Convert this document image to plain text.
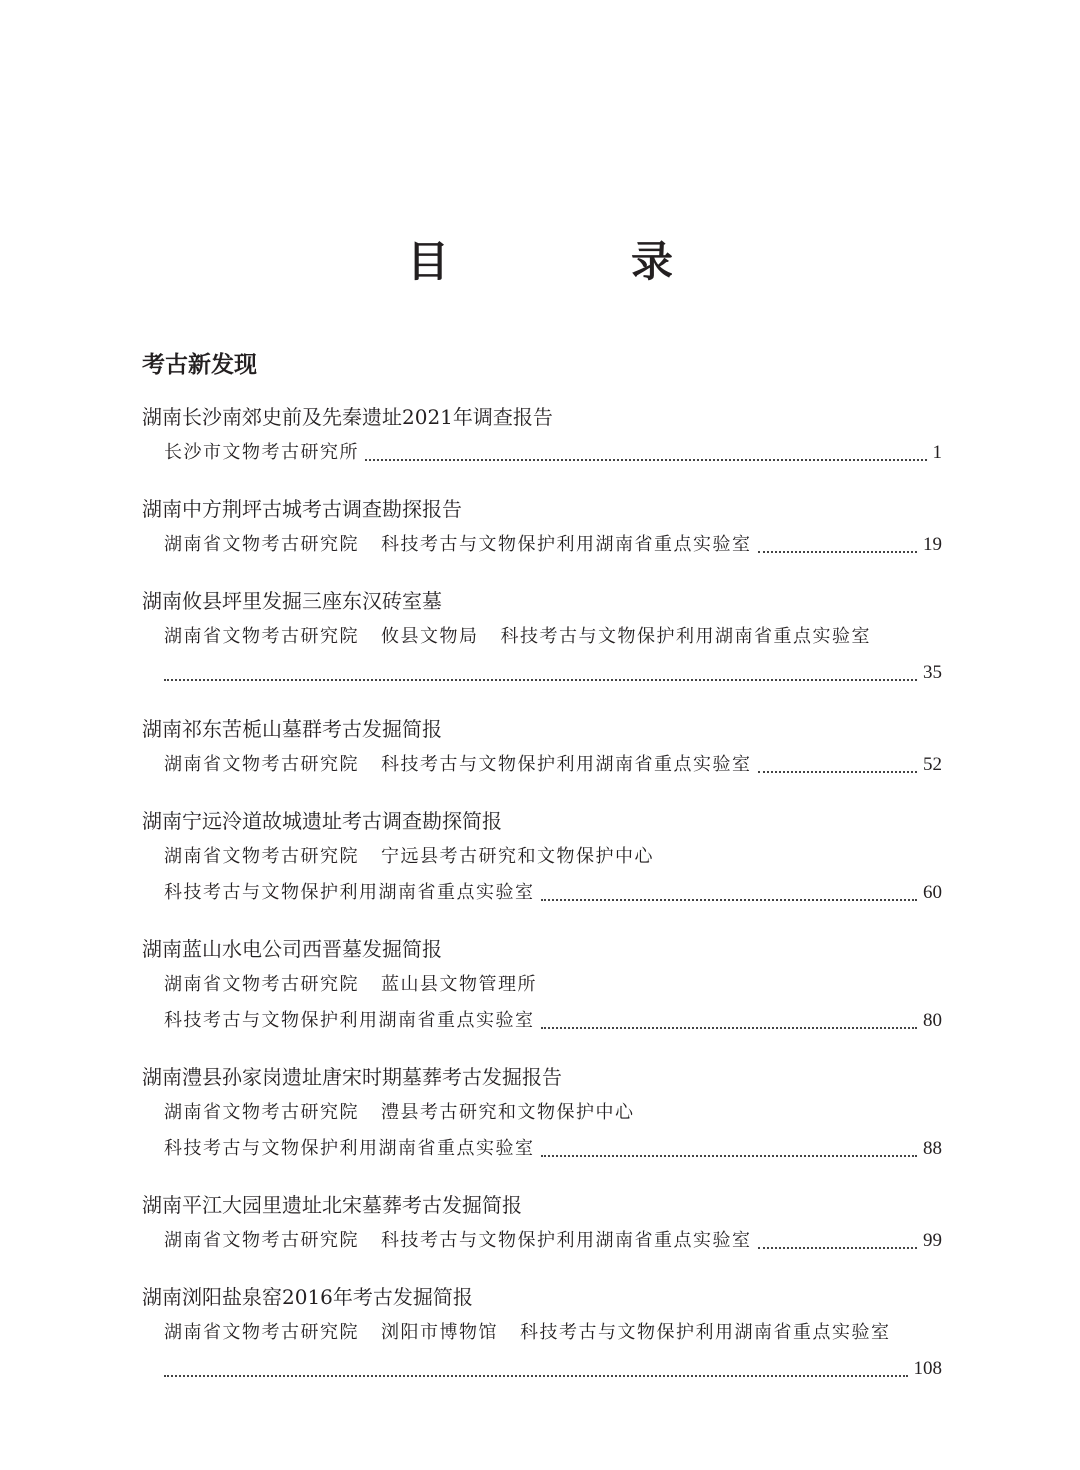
目　录
考古新发现
湖南长沙南郊史前及先秦遗址2021年调查报告
长沙市文物考古研究所	1
湖南中方荆坪古城考古调查勘探报告
湖南省文物考古研究院 科技考古与文物保护利用湖南省重点实验室	19
湖南攸县坪里发掘三座东汉砖室墓
湖南省文物考古研究院 攸县文物局 科技考古与文物保护利用湖南省重点实验室
35
湖南祁东苦栀山墓群考古发掘简报
湖南省文物考古研究院 科技考古与文物保护利用湖南省重点实验室	52
湖南宁远泠道故城遗址考古调查勘探简报
湖南省文物考古研究院 宁远县考古研究和文物保护中心
科技考古与文物保护利用湖南省重点实验室	60
湖南蓝山水电公司西晋墓发掘简报
湖南省文物考古研究院 蓝山县文物管理所
科技考古与文物保护利用湖南省重点实验室	80
湖南澧县孙家岗遗址唐宋时期墓葬考古发掘报告
湖南省文物考古研究院 澧县考古研究和文物保护中心
科技考古与文物保护利用湖南省重点实验室	88
湖南平江大园里遗址北宋墓葬考古发掘简报
湖南省文物考古研究院 科技考古与文物保护利用湖南省重点实验室	99
湖南浏阳盐泉窑2016年考古发掘简报
湖南省文物考古研究院 浏阳市博物馆 科技考古与文物保护利用湖南省重点实验室
108
